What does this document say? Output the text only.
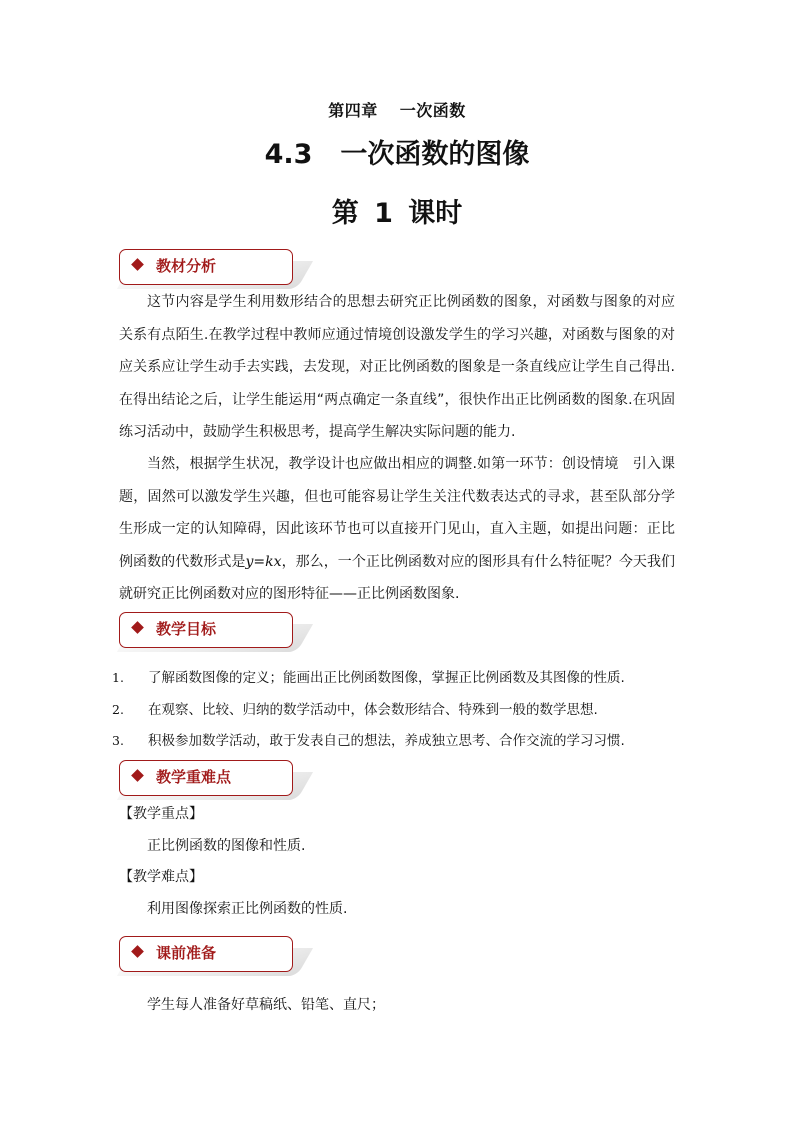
第四章 一次函数
4.3 一次函数的图像
第 1 课时
教材分析

这节内容是学生利用数形结合的思想去研究正比例函数的图象，对函数与图象的对应关系有点陌生.在教学过程中教师应通过情境创设激发学生的学习兴趣，对函数与图象的对应关系应让学生动手去实践，去发现，对正比例函数的图象是一条直线应让学生自己得出.在得出结论之后，让学生能运用“两点确定一条直线”，很快作出正比例函数的图象.在巩固练习活动中，鼓励学生积极思考，提高学生解决实际问题的能力.

当然，根据学生状况，教学设计也应做出相应的调整.如第一环节：创设情境　引入课题，固然可以激发学生兴趣，但也可能容易让学生关注代数表达式的寻求，甚至队部分学生形成一定的认知障碍，因此该环节也可以直接开门见山，直入主题，如提出问题：正比例函数的代数形式是y=kx，那么，一个正比例函数对应的图形具有什么特征呢？今天我们就研究正比例函数对应的图形特征——正比例函数图象.

教学目标
1. 了解函数图像的定义；能画出正比例函数图像，掌握正比例函数及其图像的性质.
2. 在观察、比较、归纳的数学活动中，体会数形结合、特殊到一般的数学思想.
3. 积极参加数学活动，敢于发表自己的想法，养成独立思考、合作交流的学习习惯.
教学重难点
【教学重点】
正比例函数的图像和性质.
【教学难点】
利用图像探索正比例函数的性质.
课前准备
学生每人准备好草稿纸、铅笔、直尺；
